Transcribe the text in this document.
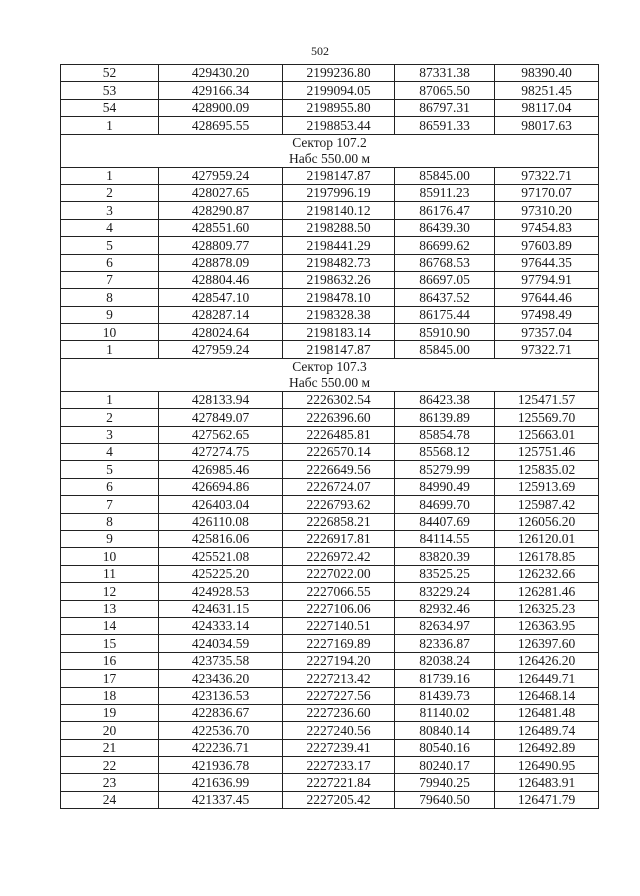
502
52	429430.20	2199236.80	87331.38	98390.40
53	429166.34	2199094.05	87065.50	98251.45
54	428900.09	2198955.80	86797.31	98117.04
1	428695.55	2198853.44	86591.33	98017.63

Сектор 107.2
Набс 550.00 м				

1	427959.24	2198147.87	85845.00	97322.71
2	428027.65	2197996.19	85911.23	97170.07
3	428290.87	2198140.12	86176.47	97310.20
4	428551.60	2198288.50	86439.30	97454.83
5	428809.77	2198441.29	86699.62	97603.89
6	428878.09	2198482.73	86768.53	97644.35
7	428804.46	2198632.26	86697.05	97794.91
8	428547.10	2198478.10	86437.52	97644.46
9	428287.14	2198328.38	86175.44	97498.49
10	428024.64	2198183.14	85910.90	97357.04
1	427959.24	2198147.87	85845.00	97322.71

Сектор 107.3
Набс 550.00 м				

1	428133.94	2226302.54	86423.38	125471.57
2	427849.07	2226396.60	86139.89	125569.70
3	427562.65	2226485.81	85854.78	125663.01
4	427274.75	2226570.14	85568.12	125751.46
5	426985.46	2226649.56	85279.99	125835.02
6	426694.86	2226724.07	84990.49	125913.69
7	426403.04	2226793.62	84699.70	125987.42
8	426110.08	2226858.21	84407.69	126056.20
9	425816.06	2226917.81	84114.55	126120.01
10	425521.08	2226972.42	83820.39	126178.85
11	425225.20	2227022.00	83525.25	126232.66
12	424928.53	2227066.55	83229.24	126281.46
13	424631.15	2227106.06	82932.46	126325.23
14	424333.14	2227140.51	82634.97	126363.95
15	424034.59	2227169.89	82336.87	126397.60
16	423735.58	2227194.20	82038.24	126426.20
17	423436.20	2227213.42	81739.16	126449.71
18	423136.53	2227227.56	81439.73	126468.14
19	422836.67	2227236.60	81140.02	126481.48
20	422536.70	2227240.56	80840.14	126489.74
21	422236.71	2227239.41	80540.16	126492.89
22	421936.78	2227233.17	80240.17	126490.95
23	421636.99	2227221.84	79940.25	126483.91
24	421337.45	2227205.42	79640.50	126471.79
